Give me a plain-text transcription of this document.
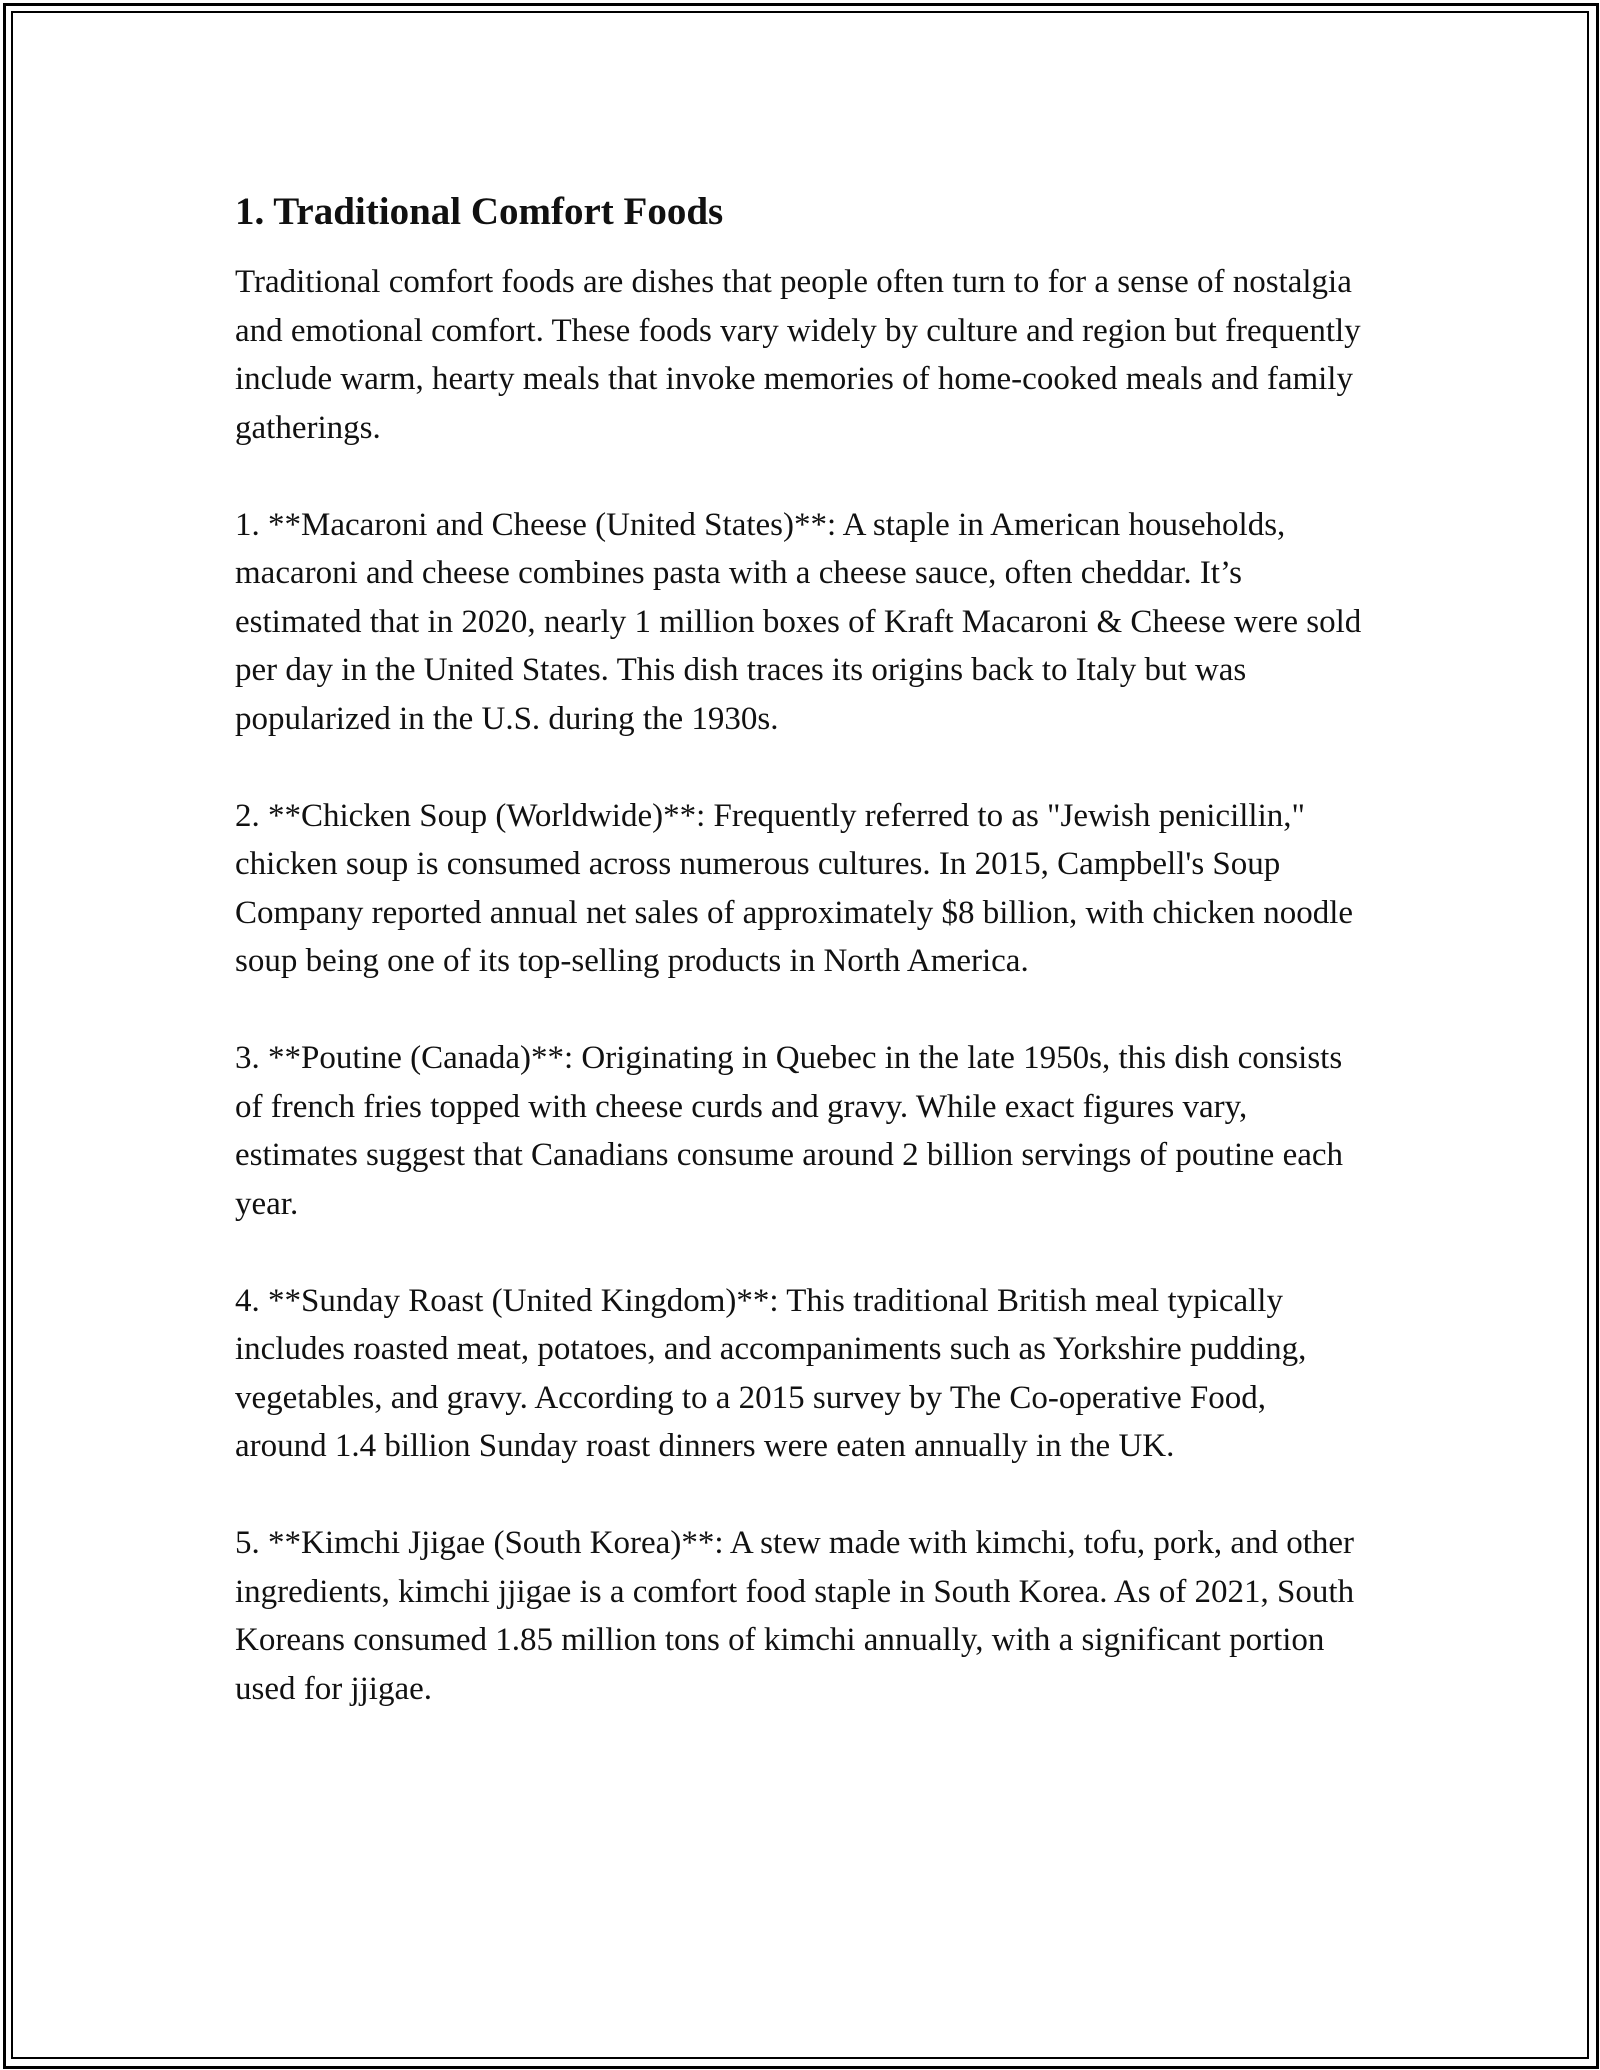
1. Traditional Comfort Foods

Traditional comfort foods are dishes that people often turn to for a sense of nostalgia and emotional comfort. These foods vary widely by culture and region but frequently include warm, hearty meals that invoke memories of home-cooked meals and family gatherings.

1. **Macaroni and Cheese (United States)**: A staple in American households, macaroni and cheese combines pasta with a cheese sauce, often cheddar. It’s estimated that in 2020, nearly 1 million boxes of Kraft Macaroni & Cheese were sold per day in the United States. This dish traces its origins back to Italy but was popularized in the U.S. during the 1930s.

2. **Chicken Soup (Worldwide)**: Frequently referred to as "Jewish penicillin," chicken soup is consumed across numerous cultures. In 2015, Campbell's Soup Company reported annual net sales of approximately $8 billion, with chicken noodle soup being one of its top-selling products in North America.

3. **Poutine (Canada)**: Originating in Quebec in the late 1950s, this dish consists of french fries topped with cheese curds and gravy. While exact figures vary, estimates suggest that Canadians consume around 2 billion servings of poutine each year.

4. **Sunday Roast (United Kingdom)**: This traditional British meal typically includes roasted meat, potatoes, and accompaniments such as Yorkshire pudding, vegetables, and gravy. According to a 2015 survey by The Co-operative Food, around 1.4 billion Sunday roast dinners were eaten annually in the UK.

5. **Kimchi Jjigae (South Korea)**: A stew made with kimchi, tofu, pork, and other ingredients, kimchi jjigae is a comfort food staple in South Korea. As of 2021, South Koreans consumed 1.85 million tons of kimchi annually, with a significant portion used for jjigae.
